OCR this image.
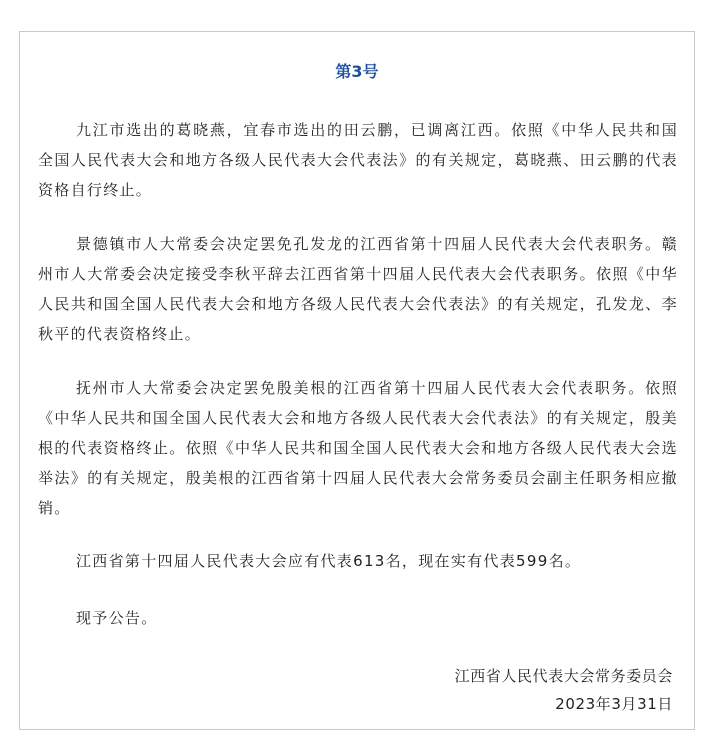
第3号

九江市选出的葛晓燕，宜春市选出的田云鹏，已调离江西。依照《中华人民共和国全国人民代表大会和地方各级人民代表大会代表法》的有关规定，葛晓燕、田云鹏的代表资格自行终止。

景德镇市人大常委会决定罢免孔发龙的江西省第十四届人民代表大会代表职务。赣州市人大常委会决定接受李秋平辞去江西省第十四届人民代表大会代表职务。依照《中华人民共和国全国人民代表大会和地方各级人民代表大会代表法》的有关规定，孔发龙、李秋平的代表资格终止。

抚州市人大常委会决定罢免殷美根的江西省第十四届人民代表大会代表职务。依照《中华人民共和国全国人民代表大会和地方各级人民代表大会代表法》的有关规定，殷美根的代表资格终止。依照《中华人民共和国全国人民代表大会和地方各级人民代表大会选举法》的有关规定，殷美根的江西省第十四届人民代表大会常务委员会副主任职务相应撤销。

江西省第十四届人民代表大会应有代表613名，现在实有代表599名。

现予公告。

江西省人民代表大会常务委员会
2023年3月31日
